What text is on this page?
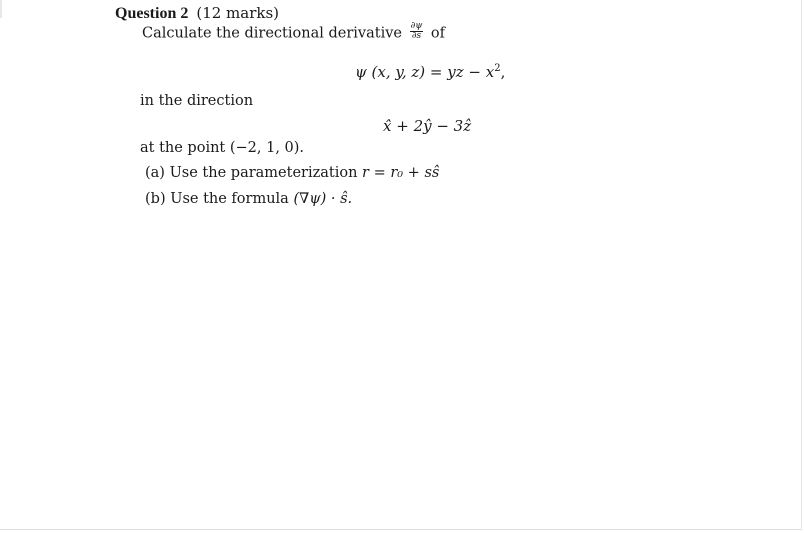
Question 2 (12 marks)
Calculate the directional derivative $\frac{\partial\psi}{\partial s}$ of
ψ (x, y, z) = yz − $x^2$,
in the direction
x̂ + 2ŷ − 3ẑ
at the point (−2, 1, 0).
(a) Use the parameterization r = r₀ + sŝ
(b) Use the formula (∇ψ) · ŝ.
